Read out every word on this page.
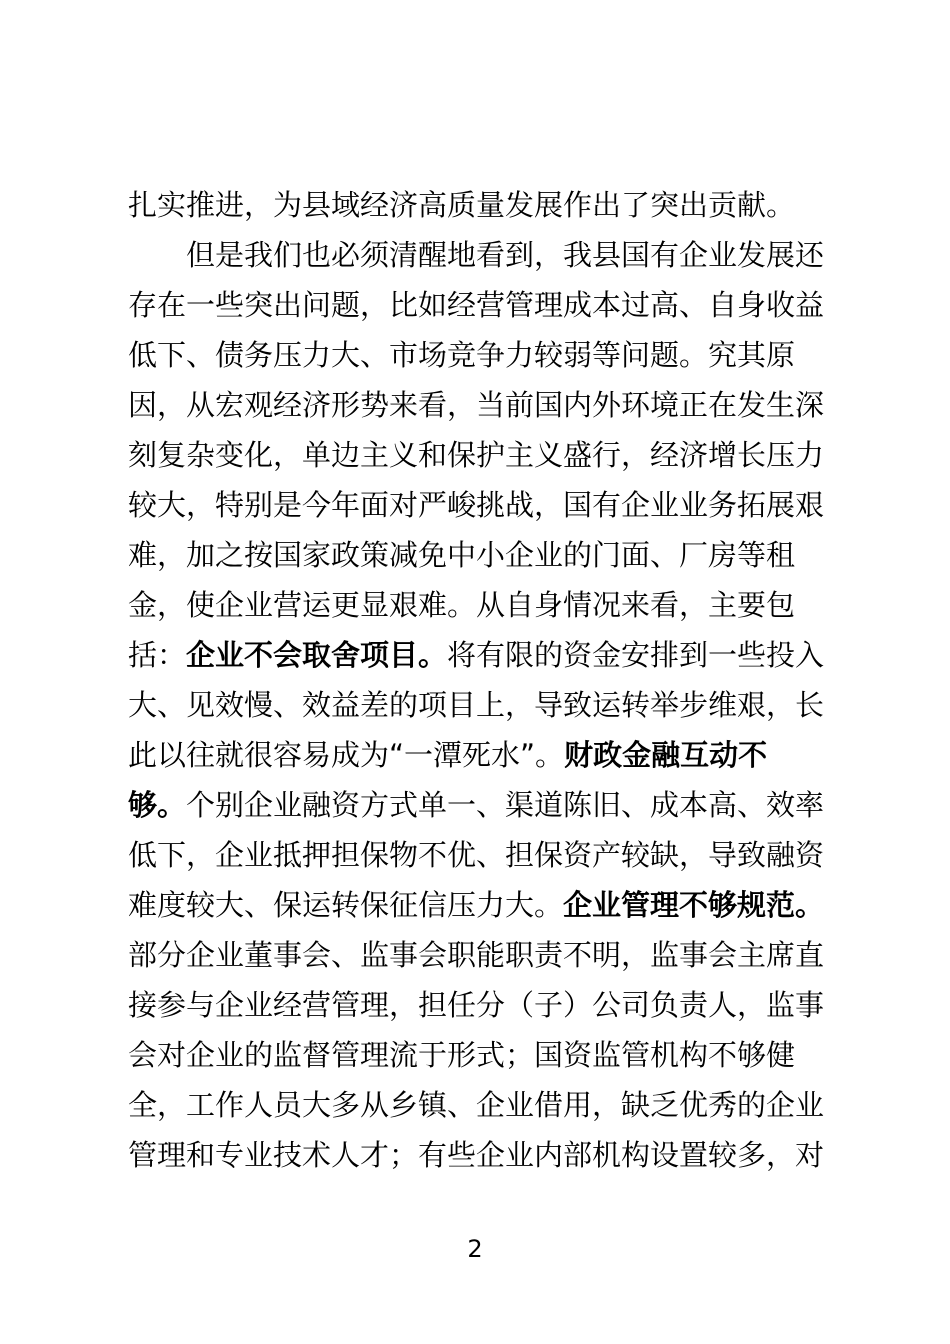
扎实推进，为县域经济高质量发展作出了突出贡献。
但是我们也必须清醒地看到，我县国有企业发展还
存在一些突出问题，比如经营管理成本过高、自身收益
低下、债务压力大、市场竞争力较弱等问题。究其原
因，从宏观经济形势来看，当前国内外环境正在发生深
刻复杂变化，单边主义和保护主义盛行，经济增长压力
较大，特别是今年面对严峻挑战，国有企业业务拓展艰
难，加之按国家政策减免中小企业的门面、厂房等租
金，使企业营运更显艰难。从自身情况来看，主要包
括：企业不会取舍项目。将有限的资金安排到一些投入
大、见效慢、效益差的项目上，导致运转举步维艰，长
此以往就很容易成为“一潭死水”。财政金融互动不
够。个别企业融资方式单一、渠道陈旧、成本高、效率
低下，企业抵押担保物不优、担保资产较缺，导致融资
难度较大、保运转保征信压力大。企业管理不够规范。
部分企业董事会、监事会职能职责不明，监事会主席直
接参与企业经营管理，担任分（子）公司负责人，监事
会对企业的监督管理流于形式；国资监管机构不够健
全，工作人员大多从乡镇、企业借用，缺乏优秀的企业
管理和专业技术人才；有些企业内部机构设置较多，对
2
